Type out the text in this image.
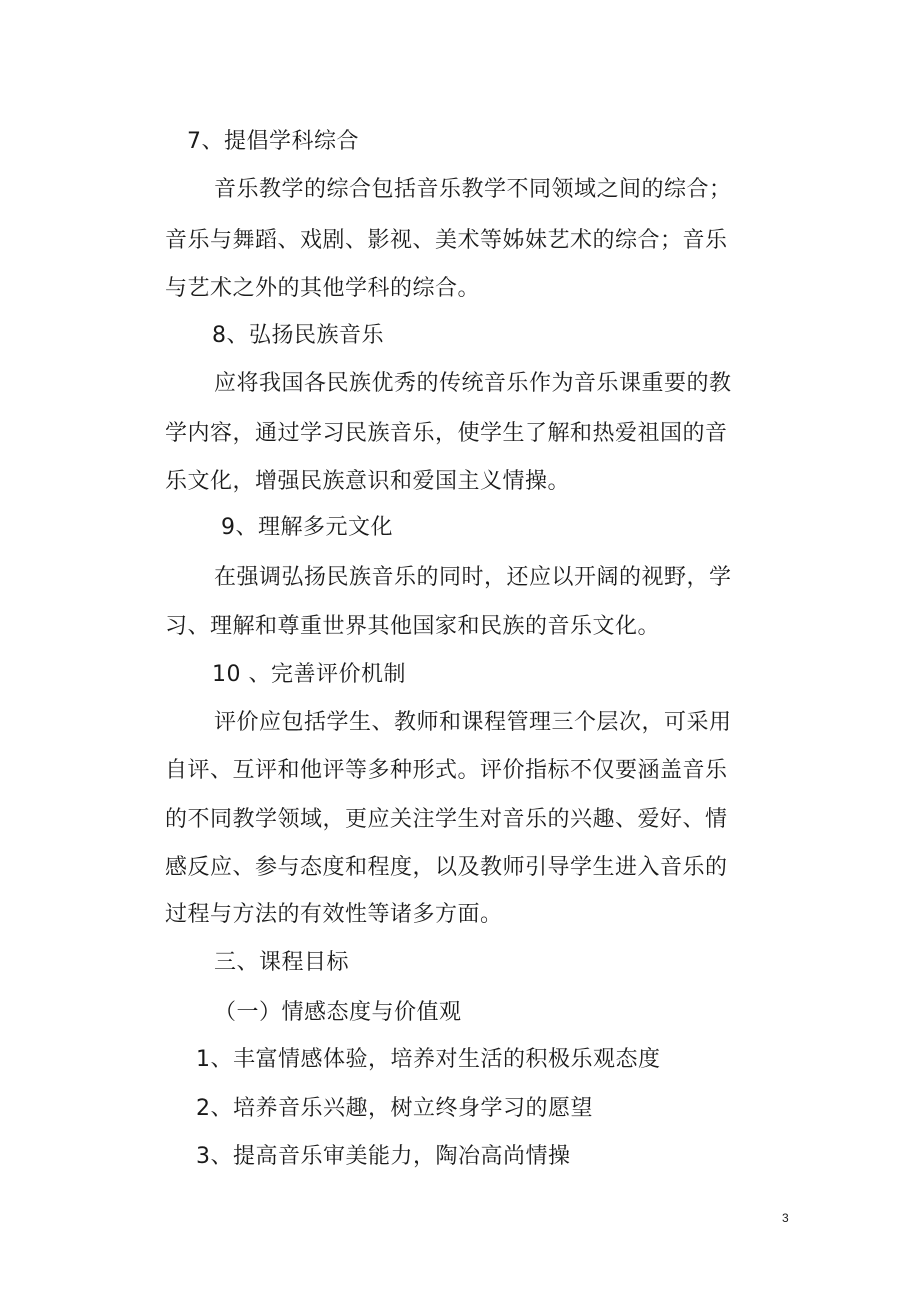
7、提倡学科综合
音乐教学的综合包括音乐教学不同领域之间的综合；
音乐与舞蹈、戏剧、影视、美术等姊妹艺术的综合；音乐
与艺术之外的其他学科的综合。
8、弘扬民族音乐
应将我国各民族优秀的传统音乐作为音乐课重要的教
学内容，通过学习民族音乐，使学生了解和热爱祖国的音
乐文化，增强民族意识和爱国主义情操。
9、理解多元文化
在强调弘扬民族音乐的同时，还应以开阔的视野，学
习、理解和尊重世界其他国家和民族的音乐文化。
10 、完善评价机制
评价应包括学生、教师和课程管理三个层次，可采用
自评、互评和他评等多种形式。评价指标不仅要涵盖音乐
的不同教学领域，更应关注学生对音乐的兴趣、爱好、情
感反应、参与态度和程度，以及教师引导学生进入音乐的
过程与方法的有效性等诸多方面。
三、课程目标
（一）情感态度与价值观
1、丰富情感体验，培养对生活的积极乐观态度
2、培养音乐兴趣，树立终身学习的愿望
3、提高音乐审美能力，陶冶高尚情操
3
